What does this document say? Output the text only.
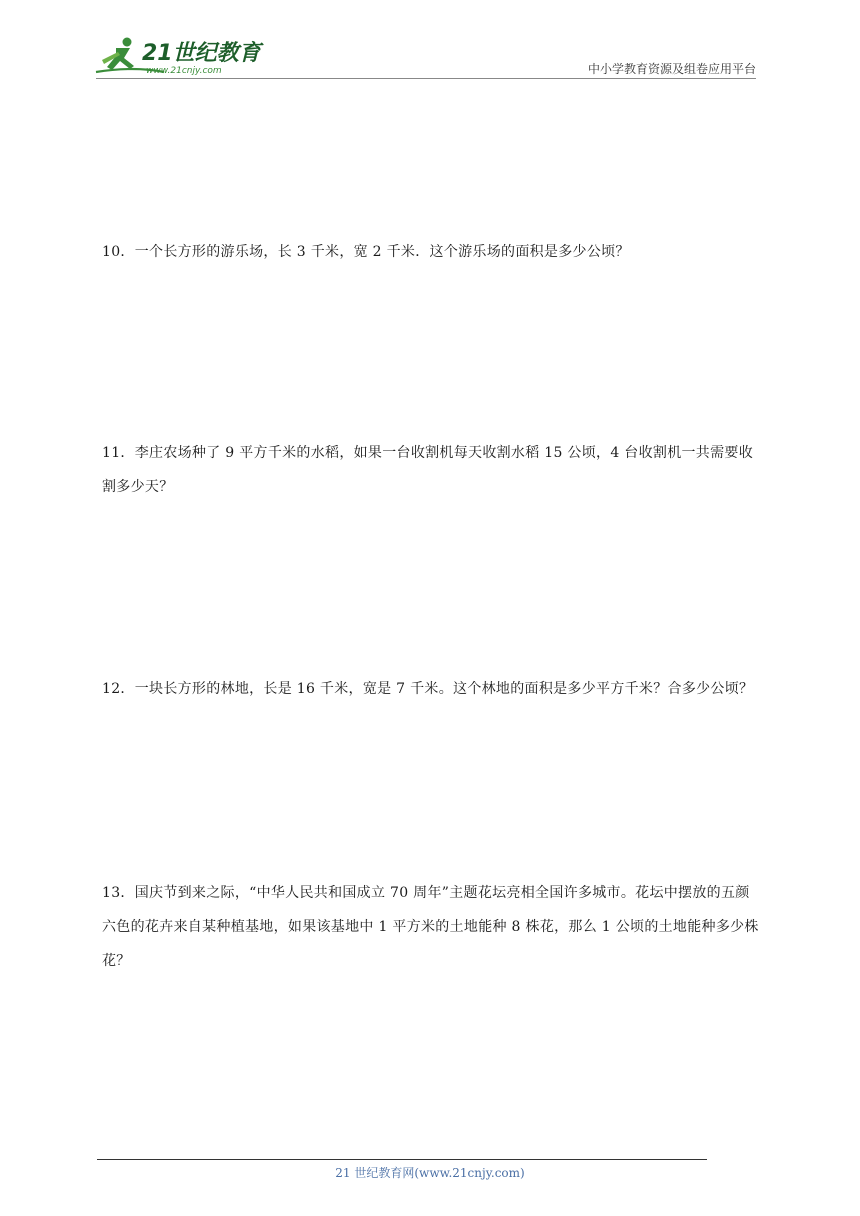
21世纪教育
www.21cnjy.com	中小学教育资源及组卷应用平台
10．一个长方形的游乐场，长 3 千米，宽 2 千米．这个游乐场的面积是多少公顷？
11．李庄农场种了 9 平方千米的水稻，如果一台收割机每天收割水稻 15 公顷，4 台收割机一共需要收割多少天？
12．一块长方形的林地，长是 16 千米，宽是 7 千米。这个林地的面积是多少平方千米？合多少公顷？
13．国庆节到来之际，“中华人民共和国成立 70 周年”主题花坛亮相全国许多城市。花坛中摆放的五颜六色的花卉来自某种植基地，如果该基地中 1 平方米的土地能种 8 株花，那么 1 公顷的土地能种多少株花？
21 世纪教育网(www.21cnjy.com)
